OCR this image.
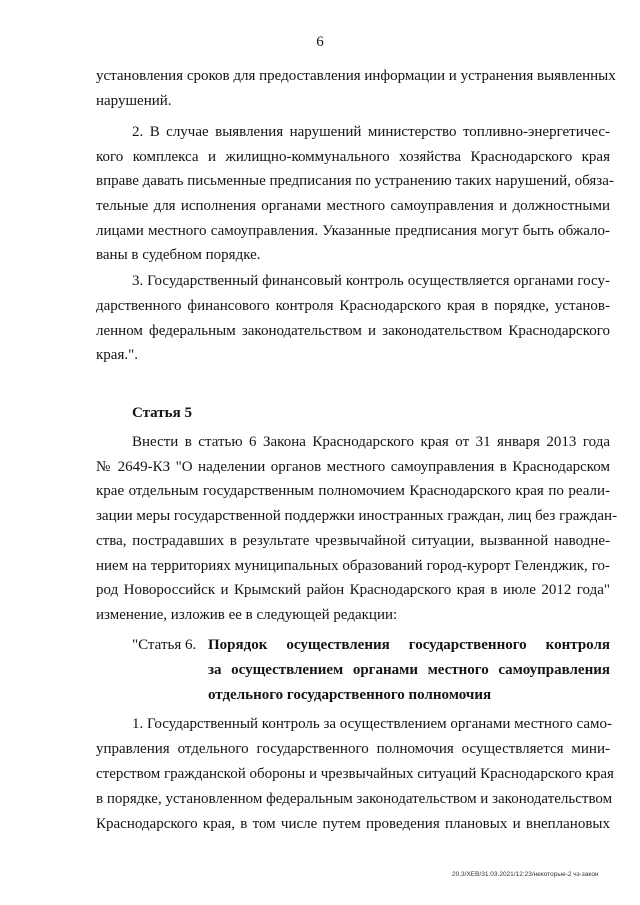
6
установления сроков для предоставления информации и устранения выявленных
нарушений.
2. В случае выявления нарушений министерство топливно-энергетичес-
кого комплекса и жилищно-коммунального хозяйства Краснодарского края
вправе давать письменные предписания по устранению таких нарушений, обяза-
тельные для исполнения органами местного самоуправления и должностными
лицами местного самоуправления. Указанные предписания могут быть обжало-
ваны в судебном порядке.
3. Государственный финансовый контроль осуществляется органами госу-
дарственного финансового контроля Краснодарского края в порядке, установ-
ленном федеральным законодательством и законодательством Краснодарского
края.".
Статья 5
Внести в статью 6 Закона Краснодарского края от 31 января 2013 года
№ 2649-КЗ "О наделении органов местного самоуправления в Краснодарском
крае отдельным государственным полномочием Краснодарского края по реали-
зации меры государственной поддержки иностранных граждан, лиц без граждан-
ства, пострадавших в результате чрезвычайной ситуации, вызванной наводне-
нием на территориях муниципальных образований город-курорт Геленджик, го-
род Новороссийск и Крымский район Краснодарского края в июле 2012 года"
изменение, изложив ее в следующей редакции:
"Статья 6. Порядок осуществления государственного контроля
за осуществлением органами местного самоуправления
отдельного государственного полномочия
1. Государственный контроль за осуществлением органами местного само-
управления отдельного государственного полномочия осуществляется мини-
стерством гражданской обороны и чрезвычайных ситуаций Краснодарского края
в порядке, установленном федеральным законодательством и законодательством
Краснодарского края, в том числе путем проведения плановых и внеплановых
20.3/ХЕВ/31.03.2021/12:23/некоторые-2 чз-закон
